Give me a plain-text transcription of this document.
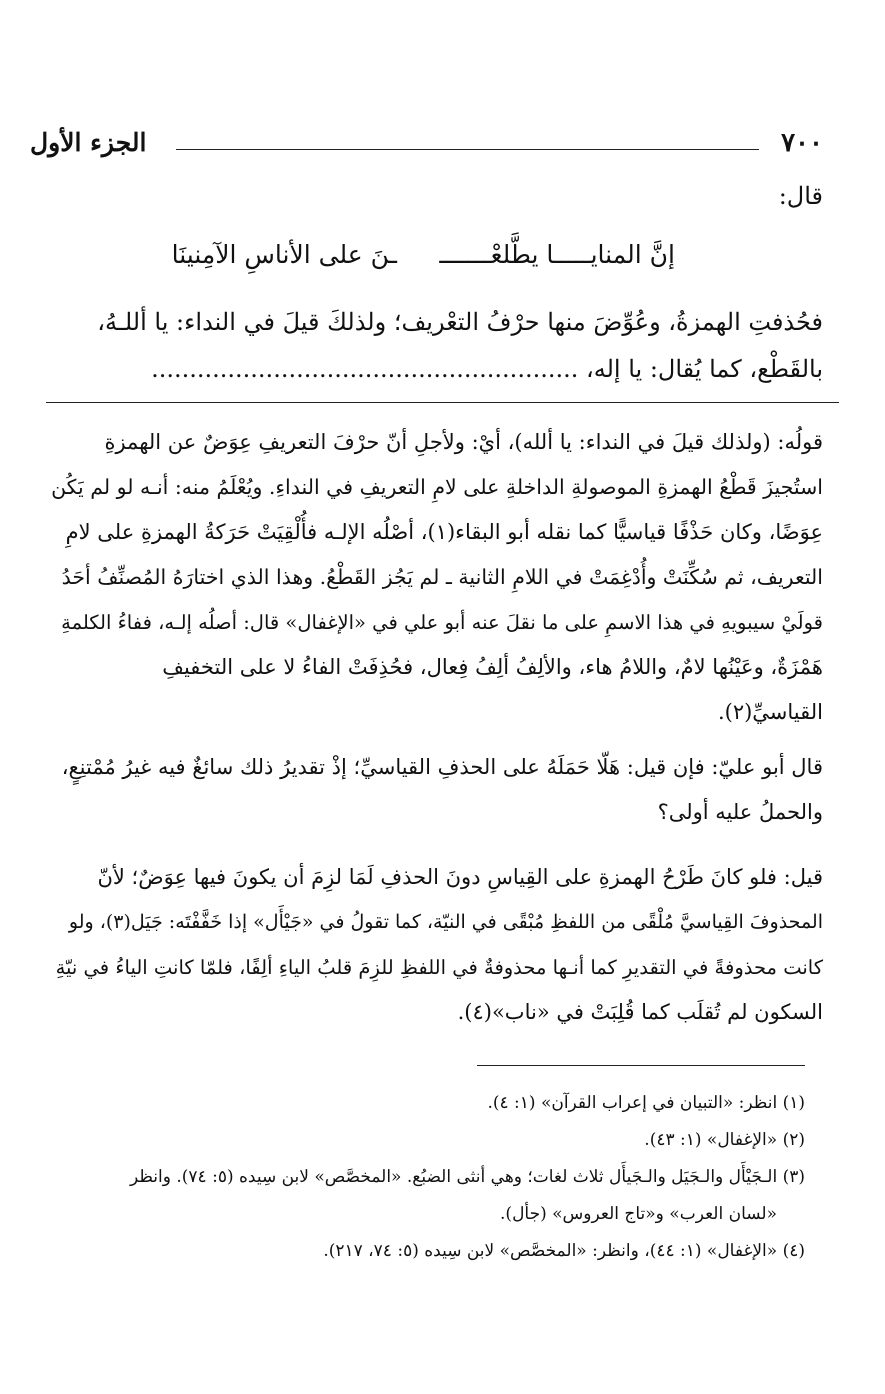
٧٠٠
الجزء الأول
قال:
إنَّ المنايـــــا يطَّلعْـــــــ
ـنَ على الأناسِ الآمِنينَا
فحُذفتِ الهمزةُ، وعُوِّضَ منها حرْفُ التعْريف؛ ولذلكَ قيلَ في النداء: يا أللـهُ،
بالقَطْع، كما يُقال: يا إله، ........................................................

قولُه: (ولذلك قيلَ في النداء: يا ألله)، أيْ: ولأجلِ أنّ حرْفَ التعريفِ عِوَضٌ عن الهمزةِ

استُجيزَ قَطْعُ الهمزةِ الموصولةِ الداخلةِ على لامِ التعريفِ في النداءِ. ويُعْلَمُ منه: أنـه لو لم يَكُن

عِوَضًا، وكان حَذْفًا قياسيًّا كما نقله أبو البقاء(١)، أصْلُه الإلـه فأُلْقِيَتْ حَرَكةُ الهمزةِ على لامِ

التعريف، ثم سُكِّنَتْ وأُدْغِمَتْ في اللامِ الثانية ـ لم يَجُز القَطْعُ. وهذا الذي اختارَهُ المُصنِّفُ أحَدُ

قولَيْ سيبويهِ في هذا الاسمِ على ما نقلَ عنه أبو علي في «الإغفال» قال: أصلُه إلـه، ففاءُ الكلمةِ

هَمْزَةٌ، وعَيْنُها لامٌ، واللامُ هاء، والألِفُ ألِفُ فِعال، فحُذِفَتْ الفاءُ لا على التخفيفِ

القياسيِّ(٢).

قال أبو عليّ: فإن قيل: هَلّا حَمَلَهُ على الحذفِ القياسيِّ؛ إذْ تقديرُ ذلك سائغٌ فيه غيرُ مُمْتنِعٍ،

والحملُ عليه أولى؟

قيل: فلو كانَ طَرْحُ الهمزةِ على القِياسِ دونَ الحذفِ لَمَا لزِمَ أن يكونَ فيها عِوَضٌ؛ لأنّ

المحذوفَ القِياسيَّ مُلْقًى من اللفظِ مُبْقًى في النيّة، كما تقولُ في «جَيْأَل» إذا خَفَّفْتَه: جَيَل(٣)، ولو

كانت محذوفةً في التقديرِ كما أنـها محذوفةٌ في اللفظِ للزِمَ قلبُ الياءِ ألِفًا، فلمّا كانتِ الياءُ في نيّةِ

السكون لم تُقلَب كما قُلِبَتْ في «ناب»(٤).

(١) انظر: «التبيان في إعراب القرآن» (١: ٤).

(٢) «الإغفال» (١: ٤٣).

(٣) الـجَيْأَل والـجَيَل والـجَيأَل ثلاث لغات؛ وهي أنثى الضبُع. «المخصَّص» لابن سِيده (٥: ٧٤). وانظر

«لسان العرب» و«تاج العروس» (جأل).

(٤) «الإغفال» (١: ٤٤)، وانظر: «المخصَّص» لابن سِيده (٥: ٧٤، ٢١٧).
